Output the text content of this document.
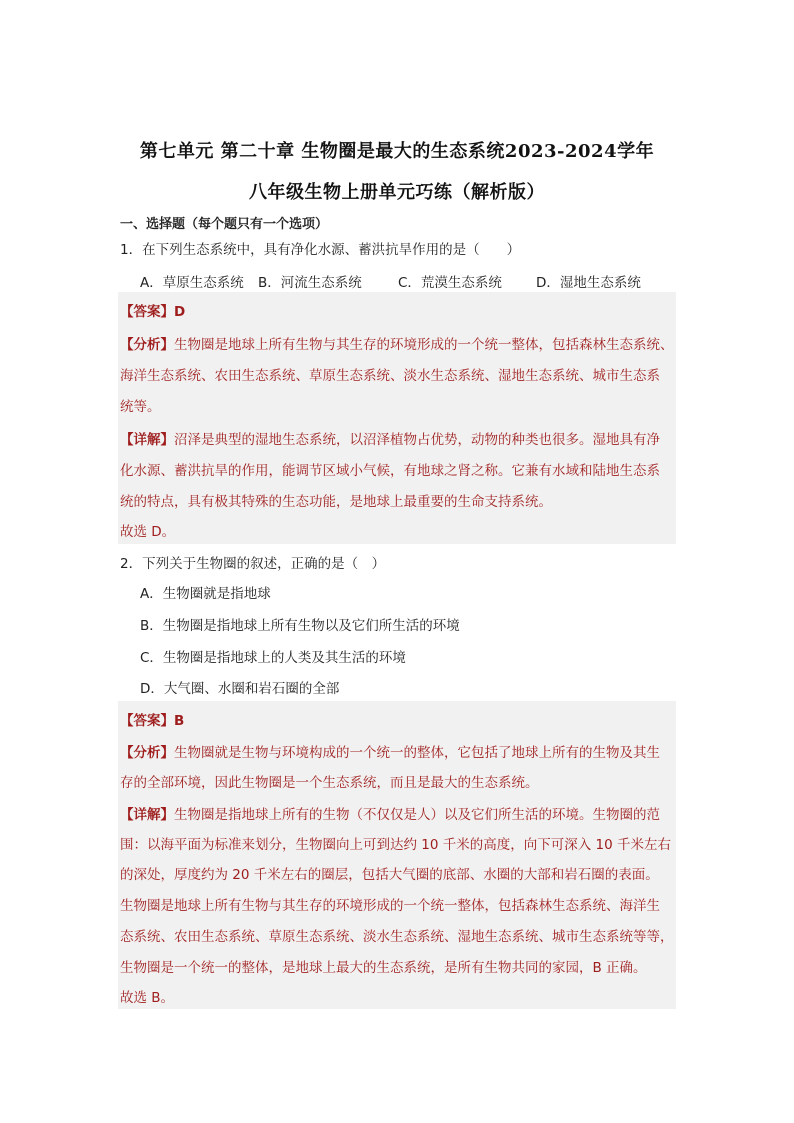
第七单元 第二十章 生物圈是最大的生态系统2023-2024学年
八年级生物上册单元巧练（解析版）
一、选择题（每个题只有一个选项）
1．在下列生态系统中，具有净化水源、蓄洪抗旱作用的是（　　）
A．草原生态系统 B．河流生态系统	C．荒漠生态系统	D．湿地生态系统
【答案】D
【分析】生物圈是地球上所有生物与其生存的环境形成的一个统一整体，包括森林生态系统、
海洋生态系统、农田生态系统、草原生态系统、淡水生态系统、湿地生态系统、城市生态系
统等。
【详解】沼泽是典型的湿地生态系统，以沼泽植物占优势，动物的种类也很多。湿地具有净
化水源、蓄洪抗旱的作用，能调节区域小气候，有地球之肾之称。它兼有水域和陆地生态系
统的特点，具有极其特殊的生态功能，是地球上最重要的生命支持系统。
故选 D。
2．下列关于生物圈的叙述，正确的是（　）
A．生物圈就是指地球
B．生物圈是指地球上所有生物以及它们所生活的环境
C．生物圈是指地球上的人类及其生活的环境
D．大气圈、水圈和岩石圈的全部
【答案】B
【分析】生物圈就是生物与环境构成的一个统一的整体，它包括了地球上所有的生物及其生
存的全部环境，因此生物圈是一个生态系统，而且是最大的生态系统。
【详解】生物圈是指地球上所有的生物（不仅仅是人）以及它们所生活的环境。生物圈的范
围：以海平面为标准来划分，生物圈向上可到达约 10 千米的高度，向下可深入 10 千米左右
的深处，厚度约为 20 千米左右的圈层，包括大气圈的底部、水圈的大部和岩石圈的表面。
生物圈是地球上所有生物与其生存的环境形成的一个统一整体，包括森林生态系统、海洋生
态系统、农田生态系统、草原生态系统、淡水生态系统、湿地生态系统、城市生态系统等等，
生物圈是一个统一的整体，是地球上最大的生态系统，是所有生物共同的家园，B 正确。
故选 B。
